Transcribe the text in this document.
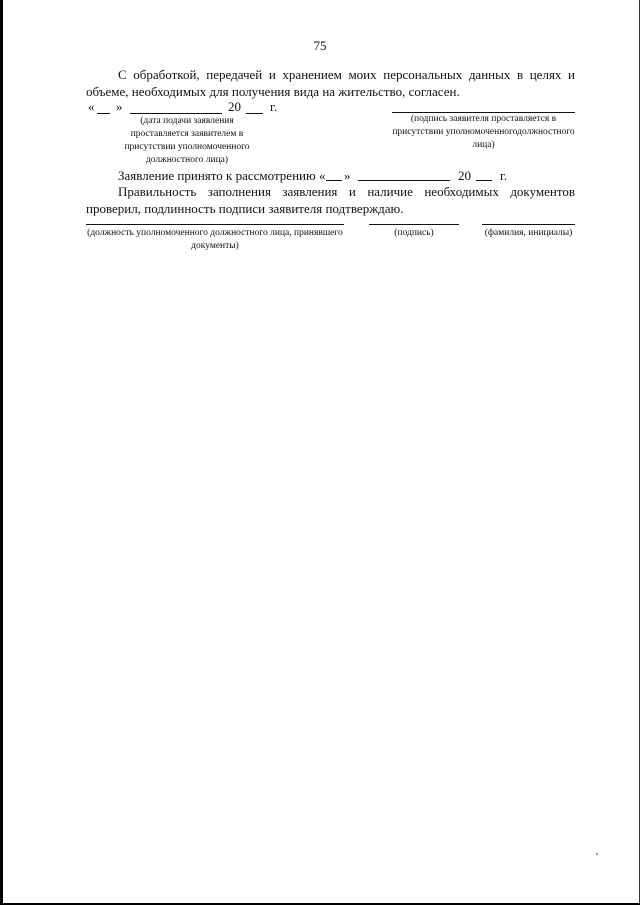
75
С обработкой, передачей и хранением моих персональных данных в целях и объеме, необходимых для получения вида на жительство, согласен.
« »	20 г.
(дата подачи заявления проставляется заявителем в присутствии уполномоченного должностного лица)
(подпись заявителя проставляется в присутствии уполномоченногодолжностного лица)
Заявление принято к рассмотрению « »	20 г.
Правильность заполнения заявления и наличие необходимых документов проверил, подлинность подписи заявителя подтверждаю.
(должность уполномоченного должностного лица, принявшего документы)
(подпись)	(фамилия, инициалы)
